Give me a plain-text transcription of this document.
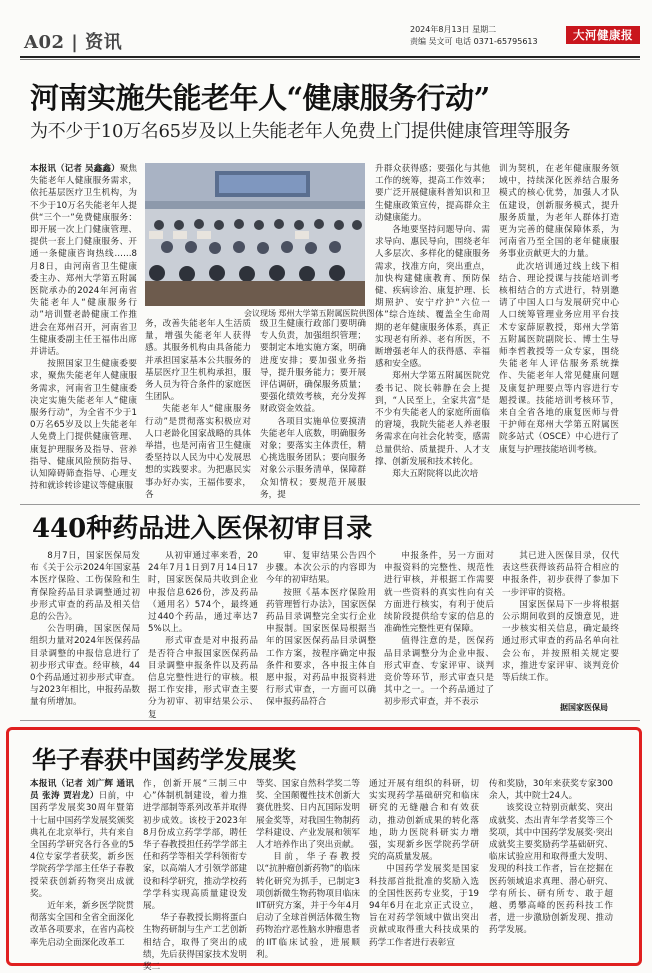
A02 | 资讯
2024年8月13日 星期二
责编 吴文可 电话 0371-65795613	大河健康报
河南实施失能老年人“健康服务行动”
为不少于10万名65岁及以上失能老年人免费上门提供健康管理等服务

本报讯（记者 吴鑫鑫）聚焦失能老年人健康服务需求，依托基层医疗卫生机构，为不少于10万名失能老年人提供“三个一”免费健康服务：即开展一次上门健康管理、提供一套上门健康服务、开通一条健康咨询热线……8月8日，由河南省卫生健康委主办、郑州大学第五附属医院承办的2024年河南省失能老年人“健康服务行动”培训暨老龄健康工作推进会在郑州召开，河南省卫生健康委副主任王福伟出席并讲话。

按照国家卫生健康委要求，聚焦失能老年人健康服务需求，河南省卫生健康委决定实施失能老年人“健康服务行动”，为全省不少于10万名65岁及以上失能老年人免费上门提供健康管理、康复护理服务及指导、营养指导、健康风险预防指导、认知障碍筛查指导、心理支持和就诊转诊建议等健康服

会议现场 郑州大学第五附属医院供图

务，改善失能老年人生活质量，增强失能老年人获得感。其服务机构由具备能力并承担国家基本公共服务的基层医疗卫生机构承担，服务人员为符合条件的家庭医生团队。

失能老年人“健康服务行动”是贯彻落实积极应对人口老龄化国家战略的具体举措，也是河南省卫生健康委坚持以人民为中心发展思想的实践要求。为把惠民实事办好办实，王福伟要求，各

级卫生健康行政部门要明确专人负责，加强组织管理；要制定本地实施方案，明确进度安排；要加强业务指导，提升服务能力；要开展评估调研，确保服务质量；要强化绩效考核，充分发挥财政资金效益。

各项目实施单位要摸清失能老年人底数，明确服务对象；要落实主体责任，精心挑选服务团队；要向服务对象公示服务清单，保障群众知情权；要规范开展服务，提

升群众获得感；要强化与其他工作的统筹，提高工作效率；要广泛开展健康科普知识和卫生健康政策宣传，提高群众主动健康能力。

各地要坚持问题导向、需求导向、惠民导向，围绕老年人多层次、多样化的健康服务需求，找准方向，突出重点，加快构建健康教育、预防保健、疾病诊治、康复护理、长期照护、安宁疗护“六位一体”综合连续、覆盖全生命周期的老年健康服务体系，真正实现老有所养、老有所医，不断增强老年人的获得感、幸福感和安全感。

郑州大学第五附属医院党委书记、院长韩静在会上提到，“人民至上，全家共富”是不少有失能老人的家庭所面临的窘境，我院失能老人养老服务需求在向社会化转变，感需总量供给、质量提升、人才支撑、创新发展和技术转化。

郑大五附院将以此次培

训为契机，在老年健康服务领域中，持续深化医养结合服务模式的核心优势，加强人才队伍建设，创新服务模式，提升服务质量，为老年人群体打造更为完善的健康保障体系，为河南省乃至全国的老年健康服务事业贡献更大的力量。

此次培训通过线上线下相结合、理论授课与技能培训考核相结合的方式进行，特别邀请了中国人口与发展研究中心人口统筹管理业务应用平台技术专家薛原教授，郑州大学第五附属医院副院长、博士生导师李哲教授等一众专家，围绕失能老年人评估服务系统操作、失能老年人常见健康问题及康复护理要点等内容进行专题授课。技能培训考核环节，来自全省各地的康复医师与骨干护师在郑州大学第五附属医院多站式（OSCE）中心进行了康复与护理技能培训考核。

440种药品进入医保初审目录

8月7日，国家医保局发布《关于公示2024年国家基本医疗保险、工伤保险和生育保险药品目录调整通过初步形式审查的药品及相关信息的公告》。

公告明确，国家医保局组织力量对2024年医保药品目录调整的申报信息进行了初步形式审查。经审核，440个药品通过初步形式审查。与2023年相比，申报药品数量有所增加。

从初审通过率来看，2024年7月1日到7月14日17时，国家医保局共收到企业申报信息626份，涉及药品（通用名）574个，最终通过440个药品，通过率达75%以上。

形式审查是对申报药品是否符合申报国家医保药品目录调整申报条件以及药品信息完整性进行的审核。根据工作安排，形式审查主要分为初审、初审结果公示、复

审、复审结果公告四个步骤。本次公示的内容即为今年的初审结果。

按照《基本医疗保险用药管理暂行办法》，国家医保药品目录调整完全实行企业申报制。国家医保局根据当年的国家医保药品目录调整工作方案，按程序确定申报条件和要求，各申报主体自愿申报，对药品申报资料进行形式审查，一方面可以确保申报药品符合

申报条件，另一方面对申报资料的完整性、规范性进行审核，并根据工作需要就一些资料的真实性向有关方面进行核实，有利于使后续阶段提供给专家的信息的准确性完整性更有保障。

值得注意的是，医保药品目录调整分为企业申报、形式审查、专家评审、谈判竞价等环节，形式审查只是其中之一。一个药品通过了初步形式审查，并不表示

其已进入医保目录，仅代表这些获得该药品符合相应的申报条件，初步获得了参加下一步评审的资格。

国家医保局下一步将根据公示期间收到的反馈意见，进一步核实相关信息，确定最终通过形式审查的药品名单向社会公布，并按照相关规定要求，推进专家评审、谈判竞价等后续工作。

据国家医保局
华子春获中国药学发展奖

本报讯（记者 刘广辉 通讯员 张涛 贾岩龙）日前，中国药学发展奖30周年暨第十七届中国药学发展奖颁奖典礼在北京举行，共有来自全国药学研究各行各业的54位专家学者获奖，新乡医学院药学学部主任华子春教授荣获创新药物突出成就奖。

近年来，新乡医学院贯彻落实全国和全省全面深化改革各项要求，在省内高校率先启动全面深化改革工

作，创新开展“三制三中心”体制机制建设，着力推进学部制等系列改革并取得初步成效。该校于2023年8月份成立药学学部，聘任华子春教授担任药学学部主任和药学等相关学科领衔专家，以高端人才引领学部建设和科学研究，推动学校药学学科实现高质量建设发展。

华子春教授长期将蛋白生物药研制与生产工艺创新相结合，取得了突出的成绩，先后获得国家技术发明奖二

等奖、国家自然科学奖二等奖、全国颠覆性技术创新大赛优胜奖、日内瓦国际发明展金奖等，对我国生物制药学科建设、产业发展和领军人才培养作出了突出贡献。

目前，华子春教授以“抗肿瘤创新药物”的临床转化研究为抓手，已制定3项创新微生物药物项目临床IIT研究方案，并于今年4月启动了全球首例活体微生物药物治疗恶性脑水肿瘤患者的IIT临床试验，进展顺利。

通过开展有组织的科研，切实实现药学基础研究和临床研究的无缝融合和有效获动，推动创新成果的转化落地，助力医院科研实力增强，实现新乡医学院药学研究的高质量发展。

中国药学发展奖是国家科技部首批批准的奖励入选的全国性医药专业奖，于1994年6月在北京正式设立，旨在对药学领域中做出突出贡献或取得重大科技成果的药学工作者进行表彰宣

传和奖励，30年来获奖专家300余人，其中院士24人。

该奖设立特别贡献奖、突出成就奖、杰出青年学者奖等三个奖项，其中中国药学发展奖·突出成就奖主要奖励药学基础研究、临床试验应用和取得重大发明、发现的科技工作者，旨在挖掘在医药领域追求真理、潜心研究、学有所长、研有所专、敢于超越、勇攀高峰的医药科技工作者，进一步激励创新发现、推动药学发展。
